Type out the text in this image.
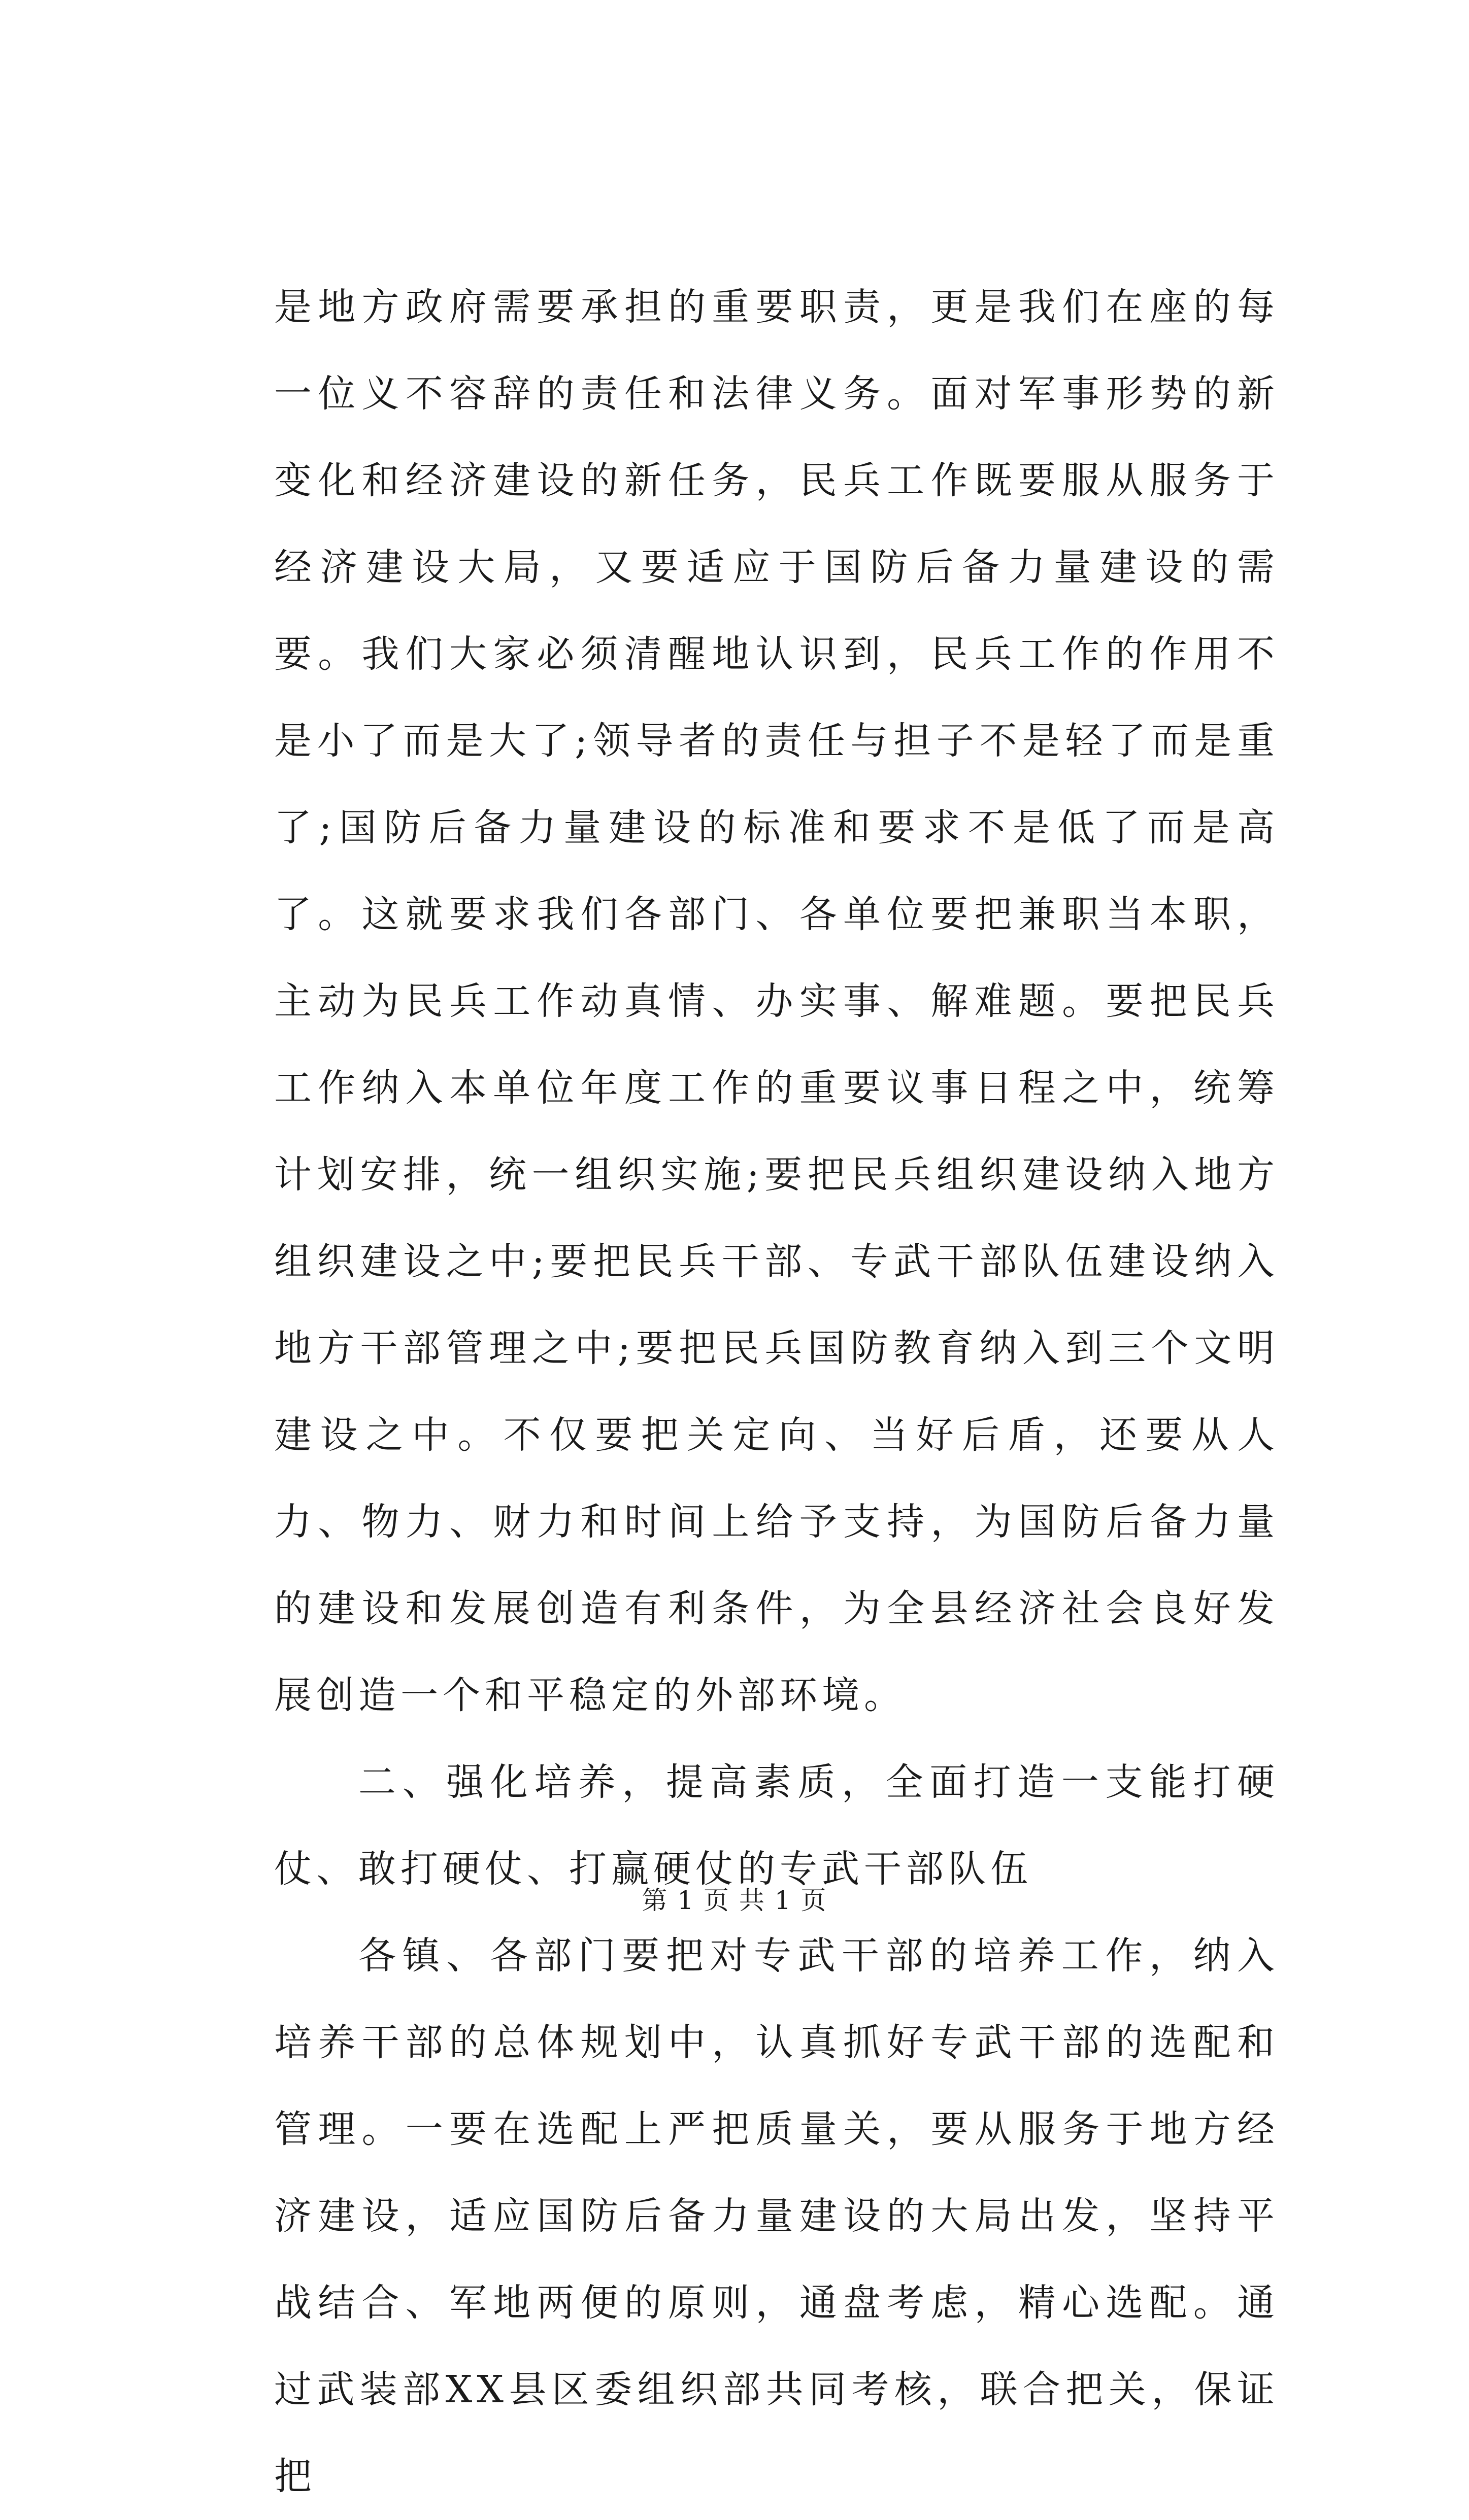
是地方政府需要承担的重要职责，更是我们在座的每一位义不容辞的责任和法律义务。面对军事形势的新变化和经济建设的新任务，民兵工作既要服从服务于经济建设大局，又要适应于国防后备力量建设的需要。我们大家必须清醒地认识到，民兵工作的作用不是小了而是大了;领导者的责任与担子不是轻了而是重了;国防后备力量建设的标准和要求不是低了而是高了。这就要求我们各部门、各单位要把兼职当本职，主动为民兵工作动真情、办实事、解难题。要把民兵工作纳入本单位年度工作的重要议事日程之中，统筹计划安排，统一组织实施;要把民兵组织建设纳入地方组织建设之中;要把民兵干部、专武干部队伍建设纳入地方干部管理之中;要把民兵国防教育纳入到三个文明建设之中。不仅要把关定向、当好后盾，还要从人力、物力、财力和时间上给予支持，为国防后备力量的建设和发展创造有利条件，为全县经济社会良好发展创造一个和平稳定的外部环境。

二、强化培养，提高素质，全面打造一支能打硬仗、敢打硬仗、打赢硬仗的专武干部队伍

各镇、各部门要把对专武干部的培养工作，纳入培养干部的总体规划中，认真抓好专武干部的选配和管理。一要在选配上严把质量关，要从服务于地方经济建设，适应国防后备力量建设的大局出发，坚持平战结合、军地两便的原则，通盘考虑，精心选配。通过武装部XX县区委组织部共同考核，联合把关，保证把

第 1 页 共 1 页
